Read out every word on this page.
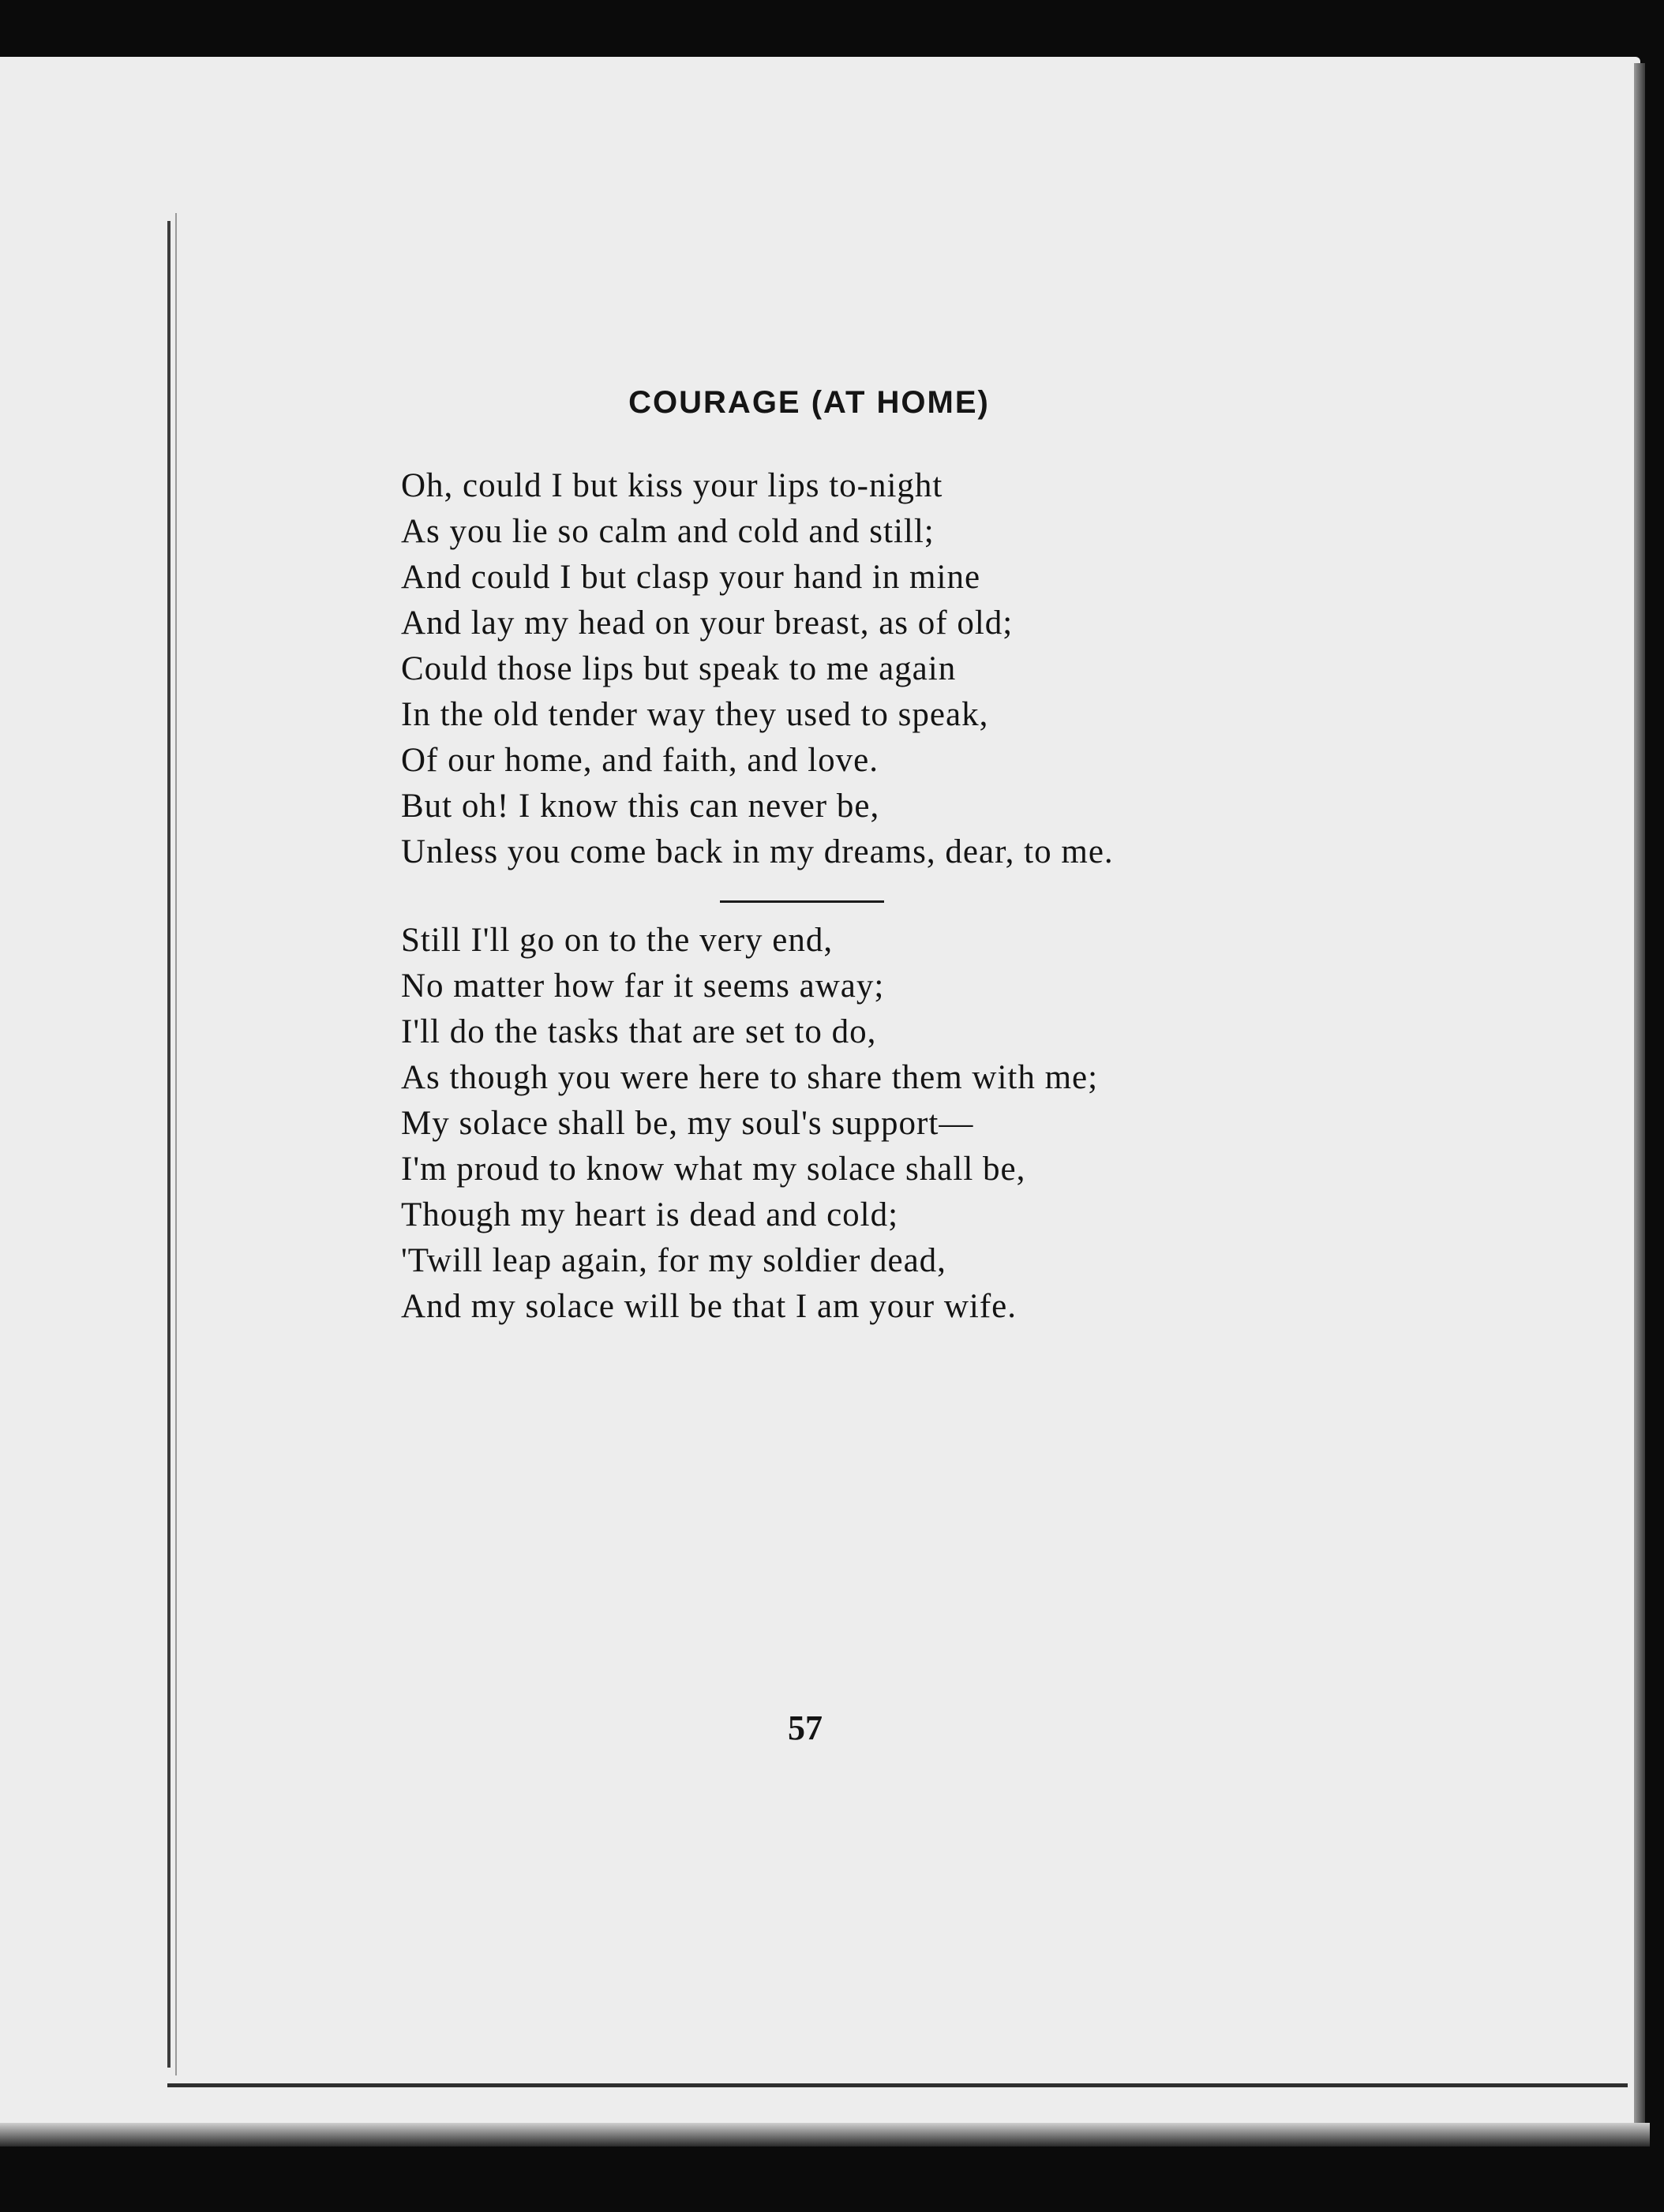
COURAGE (AT HOME)
Oh, could I but kiss your lips to-night
As you lie so calm and cold and still;
And could I but clasp your hand in mine
And lay my head on your breast, as of old;
Could those lips but speak to me again
In the old tender way they used to speak,
Of our home, and faith, and love.
But oh! I know this can never be,
Unless you come back in my dreams, dear, to me.
Still I'll go on to the very end,
No matter how far it seems away;
I'll do the tasks that are set to do,
As though you were here to share them with me;
My solace shall be, my soul's support—
I'm proud to know what my solace shall be,
Though my heart is dead and cold;
'Twill leap again, for my soldier dead,
And my solace will be that I am your wife.
57
